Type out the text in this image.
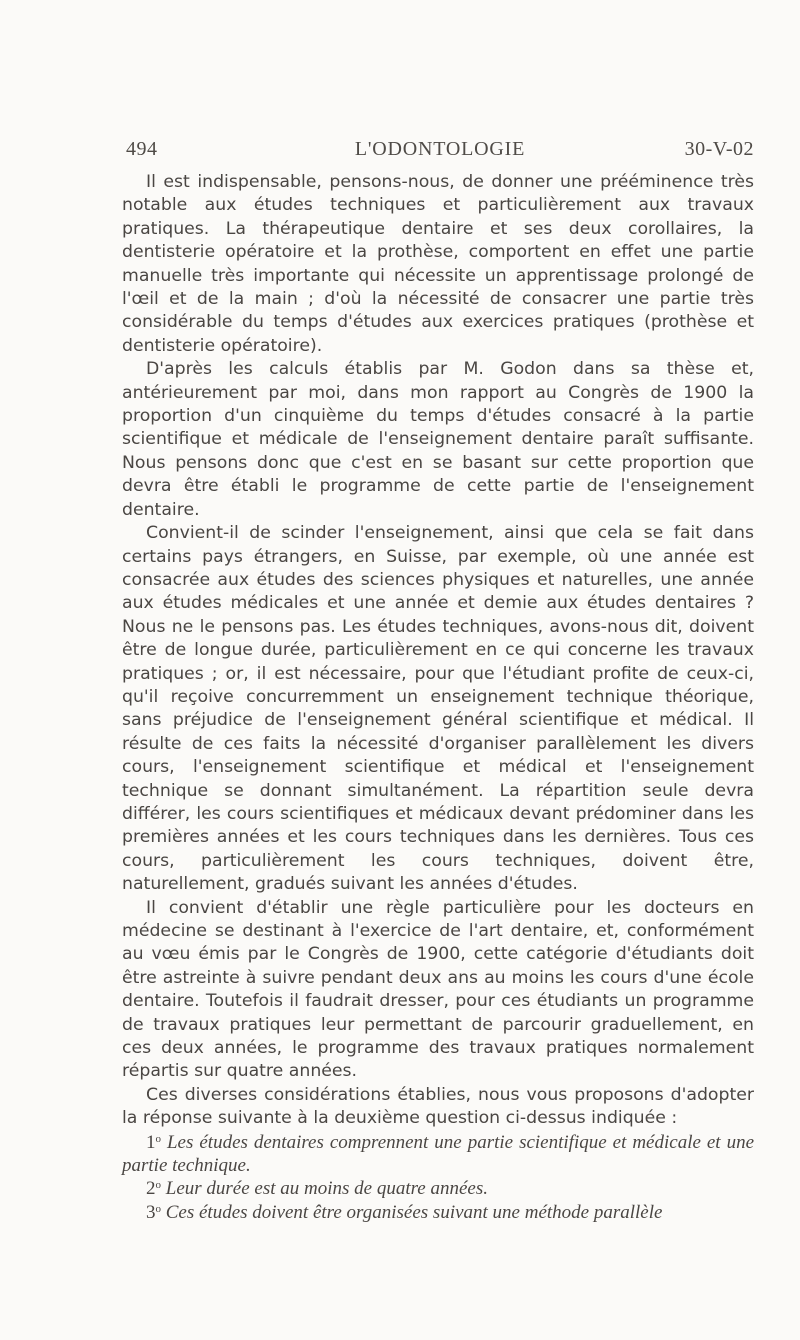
494	L'ODONTOLOGIE	30-V-02

Il est indispensable, pensons-nous, de donner une prééminence très notable aux études techniques et particulièrement aux travaux pratiques. La thérapeutique dentaire et ses deux corollaires, la dentisterie opératoire et la prothèse, comportent en effet une partie manuelle très importante qui nécessite un apprentissage prolongé de l'œil et de la main ; d'où la nécessité de consacrer une partie très considérable du temps d'études aux exercices pratiques (prothèse et dentisterie opératoire).

D'après les calculs établis par M. Godon dans sa thèse et, antérieurement par moi, dans mon rapport au Congrès de 1900 la proportion d'un cinquième du temps d'études consacré à la partie scientifique et médicale de l'enseignement dentaire paraît suffisante. Nous pensons donc que c'est en se basant sur cette proportion que devra être établi le programme de cette partie de l'enseignement dentaire.

Convient-il de scinder l'enseignement, ainsi que cela se fait dans certains pays étrangers, en Suisse, par exemple, où une année est consacrée aux études des sciences physiques et naturelles, une année aux études médicales et une année et demie aux études dentaires ? Nous ne le pensons pas. Les études techniques, avons-nous dit, doivent être de longue durée, particulièrement en ce qui concerne les travaux pratiques ; or, il est nécessaire, pour que l'étudiant profite de ceux-ci, qu'il reçoive concurremment un enseignement technique théorique, sans préjudice de l'enseignement général scientifique et médical. Il résulte de ces faits la nécessité d'organiser parallèlement les divers cours, l'enseignement scientifique et médical et l'enseignement technique se donnant simultanément. La répartition seule devra différer, les cours scientifiques et médicaux devant prédominer dans les premières années et les cours techniques dans les dernières. Tous ces cours, particulièrement les cours techniques, doivent être, naturellement, gradués suivant les années d'études.

Il convient d'établir une règle particulière pour les docteurs en médecine se destinant à l'exercice de l'art dentaire, et, conformément au vœu émis par le Congrès de 1900, cette catégorie d'étudiants doit être astreinte à suivre pendant deux ans au moins les cours d'une école dentaire. Toutefois il faudrait dresser, pour ces étudiants un programme de travaux pratiques leur permettant de parcourir graduellement, en ces deux années, le programme des travaux pratiques normalement répartis sur quatre années.

Ces diverses considérations établies, nous vous proposons d'adopter la réponse suivante à la deuxième question ci-dessus indiquée :

1$^o$ Les études dentaires comprennent une partie scientifique et médicale et une partie technique.

2$^o$ Leur durée est au moins de quatre années.

3$^o$ Ces études doivent être organisées suivant une méthode parallèle
